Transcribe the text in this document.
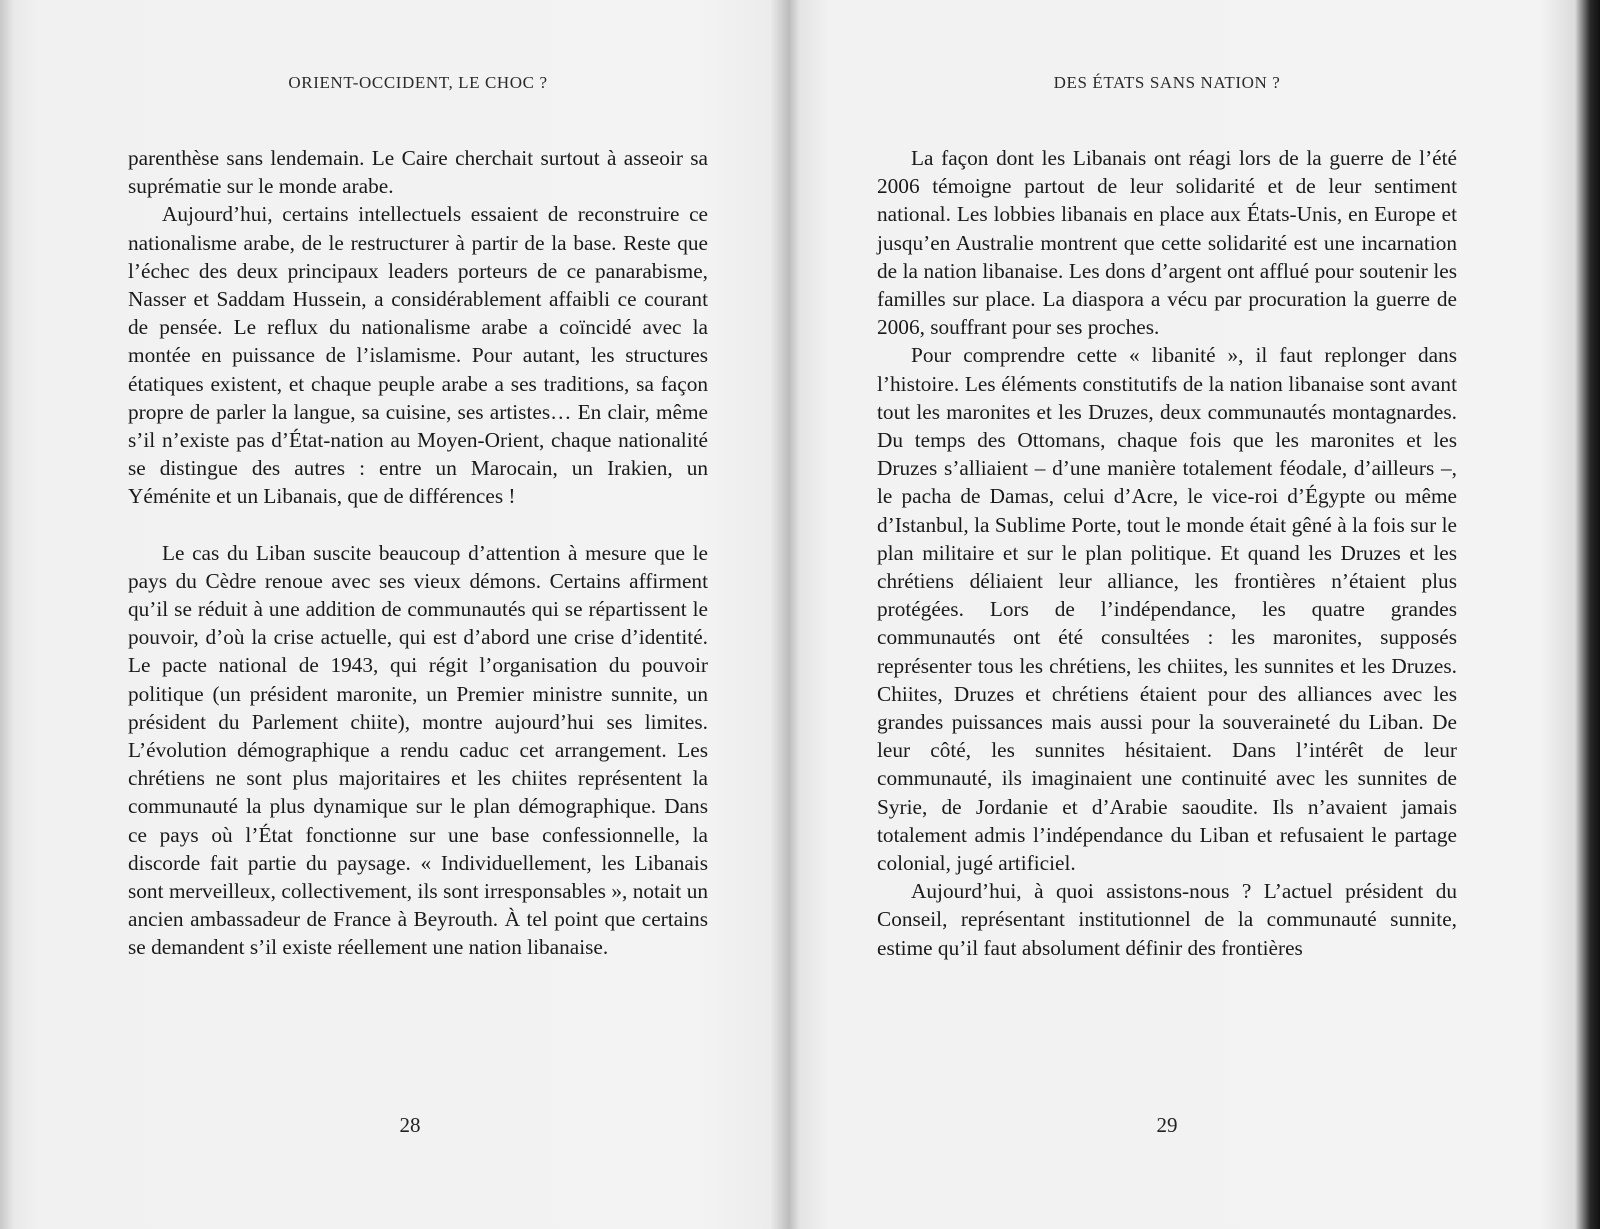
ORIENT-OCCIDENT, LE CHOC ?

parenthèse sans lendemain. Le Caire cherchait surtout à asseoir sa suprématie sur le monde arabe.

Aujourd’hui, certains intellectuels essaient de reconstruire ce nationalisme arabe, de le restructurer à partir de la base. Reste que l’échec des deux principaux leaders porteurs de ce panarabisme, Nasser et Saddam Hussein, a considérablement affaibli ce courant de pensée. Le reflux du nationalisme arabe a coïncidé avec la montée en puissance de l’islamisme. Pour autant, les structures étatiques existent, et chaque peuple arabe a ses traditions, sa façon propre de parler la langue, sa cuisine, ses artistes… En clair, même s’il n’existe pas d’État-nation au Moyen-Orient, chaque nationalité se distingue des autres : entre un Marocain, un Irakien, un Yéménite et un Libanais, que de différences !

Le cas du Liban suscite beaucoup d’attention à mesure que le pays du Cèdre renoue avec ses vieux démons. Certains affirment qu’il se réduit à une addition de communautés qui se répartissent le pouvoir, d’où la crise actuelle, qui est d’abord une crise d’identité. Le pacte national de 1943, qui régit l’organisation du pouvoir politique (un président maronite, un Premier ministre sunnite, un président du Parlement chiite), montre aujourd’hui ses limites. L’évolution démographique a rendu caduc cet arrangement. Les chrétiens ne sont plus majoritaires et les chiites représentent la communauté la plus dynamique sur le plan démographique. Dans ce pays où l’État fonctionne sur une base confessionnelle, la discorde fait partie du paysage. « Individuellement, les Libanais sont merveilleux, collectivement, ils sont irresponsables », notait un ancien ambassadeur de France à Beyrouth. À tel point que certains se demandent s’il existe réellement une nation libanaise.

28
DES ÉTATS SANS NATION ?

La façon dont les Libanais ont réagi lors de la guerre de l’été 2006 témoigne partout de leur solidarité et de leur sentiment national. Les lobbies libanais en place aux États-Unis, en Europe et jusqu’en Australie montrent que cette solidarité est une incarnation de la nation libanaise. Les dons d’argent ont afflué pour soutenir les familles sur place. La diaspora a vécu par procuration la guerre de 2006, souffrant pour ses proches.

Pour comprendre cette « libanité », il faut replonger dans l’histoire. Les éléments constitutifs de la nation libanaise sont avant tout les maronites et les Druzes, deux communautés montagnardes. Du temps des Ottomans, chaque fois que les maronites et les Druzes s’alliaient – d’une manière totalement féodale, d’ailleurs –, le pacha de Damas, celui d’Acre, le vice-roi d’Égypte ou même d’Istanbul, la Sublime Porte, tout le monde était gêné à la fois sur le plan militaire et sur le plan politique. Et quand les Druzes et les chrétiens déliaient leur alliance, les frontières n’étaient plus protégées. Lors de l’indépendance, les quatre grandes communautés ont été consultées : les maronites, supposés représenter tous les chrétiens, les chiites, les sunnites et les Druzes. Chiites, Druzes et chrétiens étaient pour des alliances avec les grandes puissances mais aussi pour la souveraineté du Liban. De leur côté, les sunnites hésitaient. Dans l’intérêt de leur communauté, ils imaginaient une continuité avec les sunnites de Syrie, de Jordanie et d’Arabie saoudite. Ils n’avaient jamais totalement admis l’indépendance du Liban et refusaient le partage colonial, jugé artificiel.

Aujourd’hui, à quoi assistons-nous ? L’actuel président du Conseil, représentant institutionnel de la communauté sunnite, estime qu’il faut absolument définir des frontières

29
